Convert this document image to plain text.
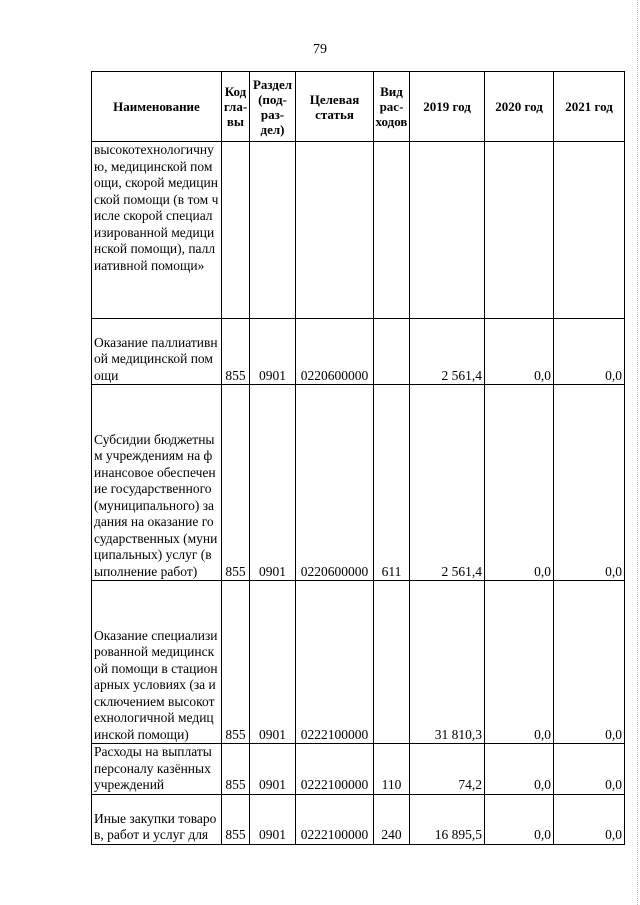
79
Наименование	Код гла- вы	Раздел (под- раз- дел)	Целевая статья	Вид рас- ходов	2019 год	2020 год	2021 год
высокотехнологичную, медицинской помощи, скорой медицинской помощи (в том числе скорой специализированной медицинской помощи), паллиативной помощи»							
Оказание паллиативной медицинской помощи	855	0901	0220600000		2 561,4	0,0	0,0
Субсидии бюджетным учреждениям на финансовое обеспечение государственного (муниципального) задания на оказание государственных (муниципальных) услуг (выполнение работ)	855	0901	0220600000	611	2 561,4	0,0	0,0
Оказание специализированной медицинской помощи в стационарных условиях (за исключением высокотехнологичной медицинской помощи)	855	0901	0222100000		31 810,3	0,0	0,0
Расходы на выплаты персоналу казённых учреждений	855	0901	0222100000	110	74,2	0,0	0,0
Иные закупки товаров, работ и услуг для	855	0901	0222100000	240	16 895,5	0,0	0,0
